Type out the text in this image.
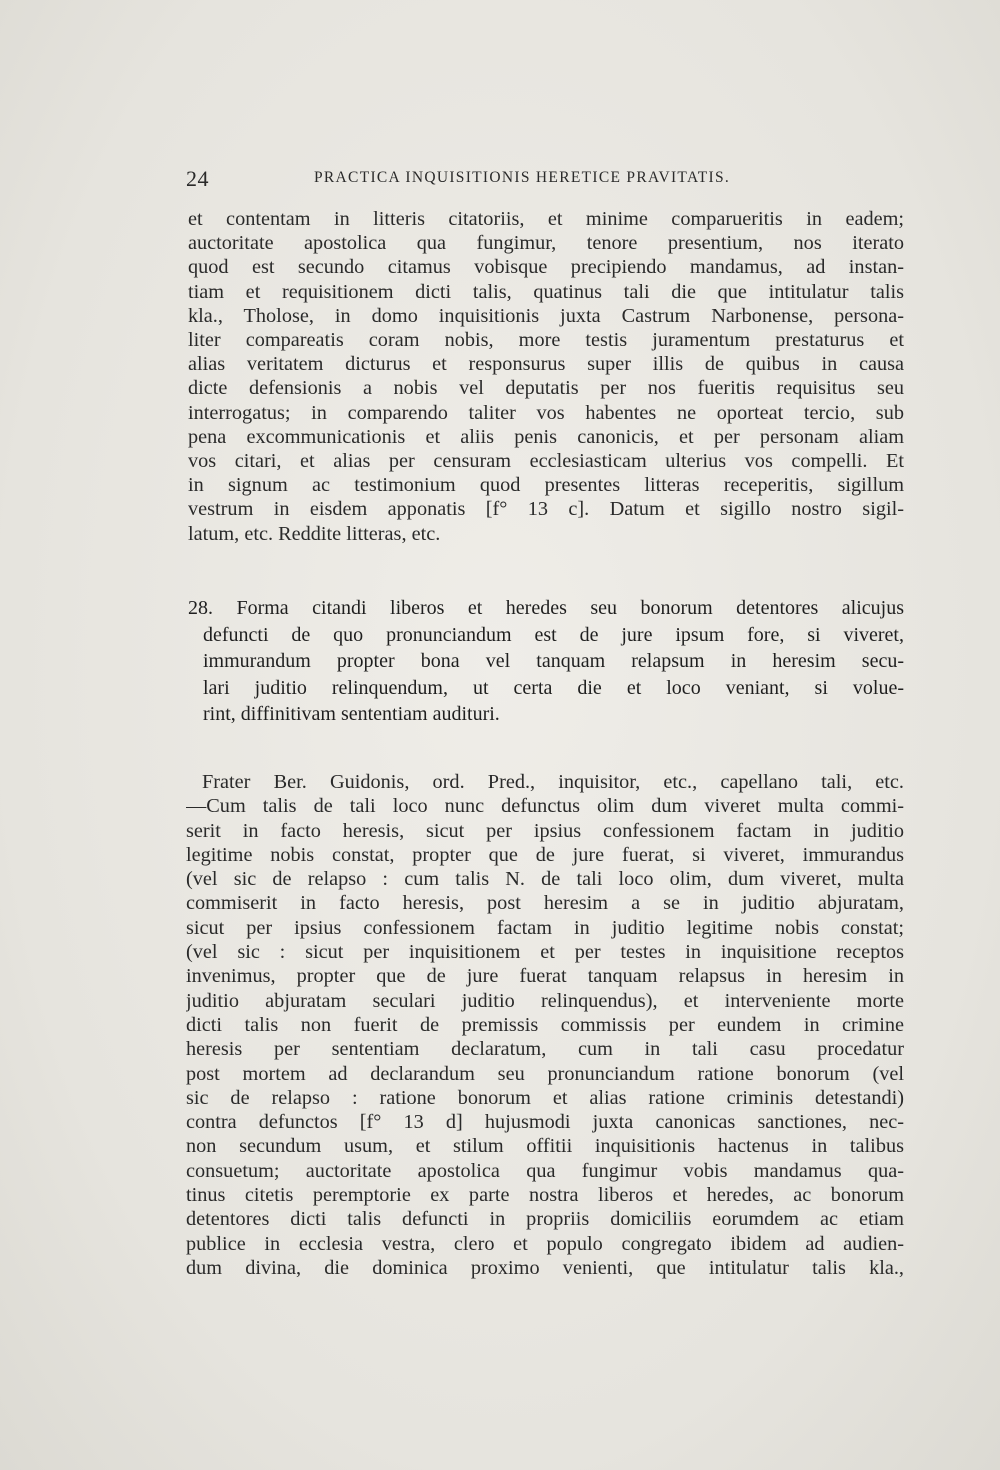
24	PRACTICA INQUISITIONIS HERETICE PRAVITATIS.
et contentam in litteris citatoriis, et minime comparueritis in eadem;
auctoritate apostolica qua fungimur, tenore presentium, nos iterato
quod est secundo citamus vobisque precipiendo mandamus, ad instan-
tiam et requisitionem dicti talis, quatinus tali die que intitulatur talis
kla., Tholose, in domo inquisitionis juxta Castrum Narbonense, persona-
liter compareatis coram nobis, more testis juramentum prestaturus et
alias veritatem dicturus et responsurus super illis de quibus in causa
dicte defensionis a nobis vel deputatis per nos fueritis requisitus seu
interrogatus; in comparendo taliter vos habentes ne oporteat tercio, sub
pena excommunicationis et aliis penis canonicis, et per personam aliam
vos citari, et alias per censuram ecclesiasticam ulterius vos compelli. Et
in signum ac testimonium quod presentes litteras receperitis, sigillum
vestrum in eisdem apponatis [f° 13 c]. Datum et sigillo nostro sigil-
latum, etc. Reddite litteras, etc.
28. Forma citandi liberos et heredes seu bonorum detentores alicujus
defuncti de quo pronunciandum est de jure ipsum fore, si viveret,
immurandum propter bona vel tanquam relapsum in heresim secu-
lari juditio relinquendum, ut certa die et loco veniant, si volue-
rint, diffinitivam sententiam audituri.
Frater Ber. Guidonis, ord. Pred., inquisitor, etc., capellano tali, etc.
—Cum talis de tali loco nunc defunctus olim dum viveret multa commi-
serit in facto heresis, sicut per ipsius confessionem factam in juditio
legitime nobis constat, propter que de jure fuerat, si viveret, immurandus
(vel sic de relapso : cum talis N. de tali loco olim, dum viveret, multa
commiserit in facto heresis, post heresim a se in juditio abjuratam,
sicut per ipsius confessionem factam in juditio legitime nobis constat;
(vel sic : sicut per inquisitionem et per testes in inquisitione receptos
invenimus, propter que de jure fuerat tanquam relapsus in heresim in
juditio abjuratam seculari juditio relinquendus), et interveniente morte
dicti talis non fuerit de premissis commissis per eundem in crimine
heresis per sententiam declaratum, cum in tali casu procedatur
post mortem ad declarandum seu pronunciandum ratione bonorum (vel
sic de relapso : ratione bonorum et alias ratione criminis detestandi)
contra defunctos [f° 13 d] hujusmodi juxta canonicas sanctiones, nec-
non secundum usum, et stilum offitii inquisitionis hactenus in talibus
consuetum; auctoritate apostolica qua fungimur vobis mandamus qua-
tinus citetis peremptorie ex parte nostra liberos et heredes, ac bonorum
detentores dicti talis defuncti in propriis domiciliis eorumdem ac etiam
publice in ecclesia vestra, clero et populo congregato ibidem ad audien-
dum divina, die dominica proximo venienti, que intitulatur talis kla.,
